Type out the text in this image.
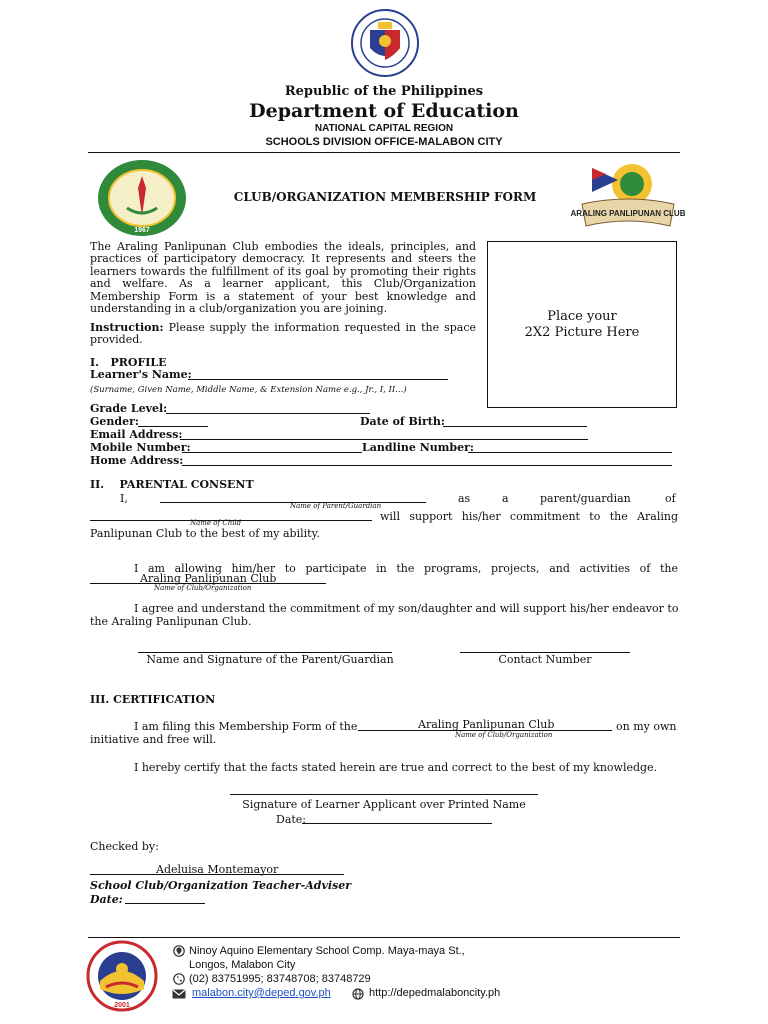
Republic of the Philippines
Department of Education
NATIONAL CAPITAL REGION
SCHOOLS DIVISION OFFICE-MALABON CITY
1967
CLUB/ORGANIZATION MEMBERSHIP FORM
ARALING PANLIPUNAN CLUB
The Araling Panlipunan Club embodies the ideals, principles, and practices of participatory democracy. It represents and steers the learners towards the fulfillment of its goal by promoting their rights and welfare. As a learner applicant, this Club/Organization Membership Form is a statement of your best knowledge and understanding in a club/organization you are joining.
Instruction: Please supply the information requested in the space provided.
Place your
2X2 Picture Here
I.   PROFILE
Learner's Name:
(Surname, Given Name, Middle Name, & Extension Name e.g., Jr., I, II...)
Grade Level:
Gender:	Date of Birth:
Email Address:
Mobile Number:	Landline Number:
Home Address:
II.    PARENTAL CONSENT
I,
Name of Parent/Guardian
as	a	parent/guardian	of
Name of Child	will support his/her commitment to the Araling
Panlipunan Club to the best of my ability.
I am allowing him/her to participate in the programs, projects, and activities of the
Araling Panlipunan Club
Name of Club/Organization
I agree and understand the commitment of my son/daughter and will support his/her endeavor to
the Araling Panlipunan Club.
Name and Signature of the Parent/Guardian	Contact Number
III. CERTIFICATION
I am filing this Membership Form of the	Araling Panlipunan Club
Name of Club/Organization
on my own
initiative and free will.
I hereby certify that the facts stated herein are true and correct to the best of my knowledge.
Signature of Learner Applicant over Printed Name
Date:
Checked by:
Adeluisa Montemayor
School Club/Organization Teacher-Adviser
Date:
2001
Ninoy Aquino Elementary School Comp. Maya-maya St.,
Longos, Malabon City
(02) 83751995; 83748708; 83748729
malabon.city@deped.gov.ph	http://depedmalaboncity.ph
